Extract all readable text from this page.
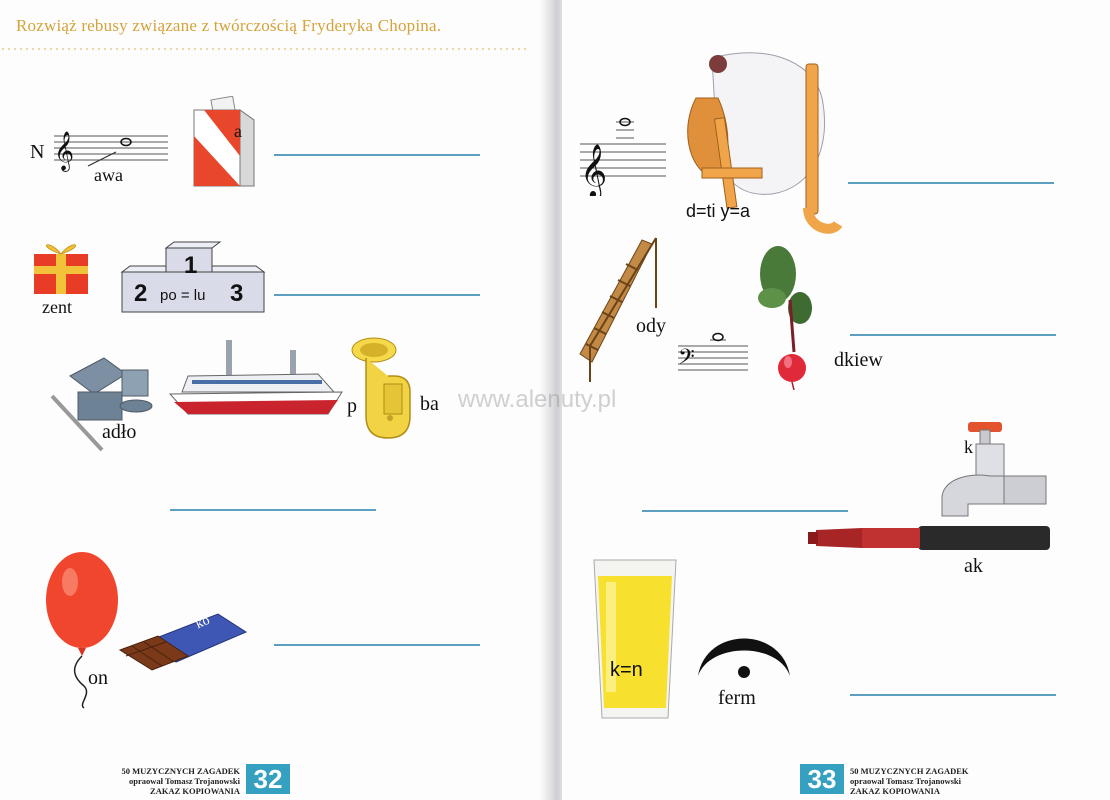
Rozwiąż rebusy związane z twórczością Fryderyka Chopina.
N 𝄞
awa
a
zent
1
2	3
po = lu
adło
p	ba
on
ko
50 MUZYCZNYCH ZAGADEK
opraował Tomasz Trojanowski
ZAKAZ KOPIOWANIA 32
𝄞
d=ti y=a
ody
𝄢	dkiew
k
ak
k=n
ferm
33	50 MUZYCZNYCH ZAGADEK
opraował Tomasz Trojanowski
ZAKAZ KOPIOWANIA
www.alenuty.pl
